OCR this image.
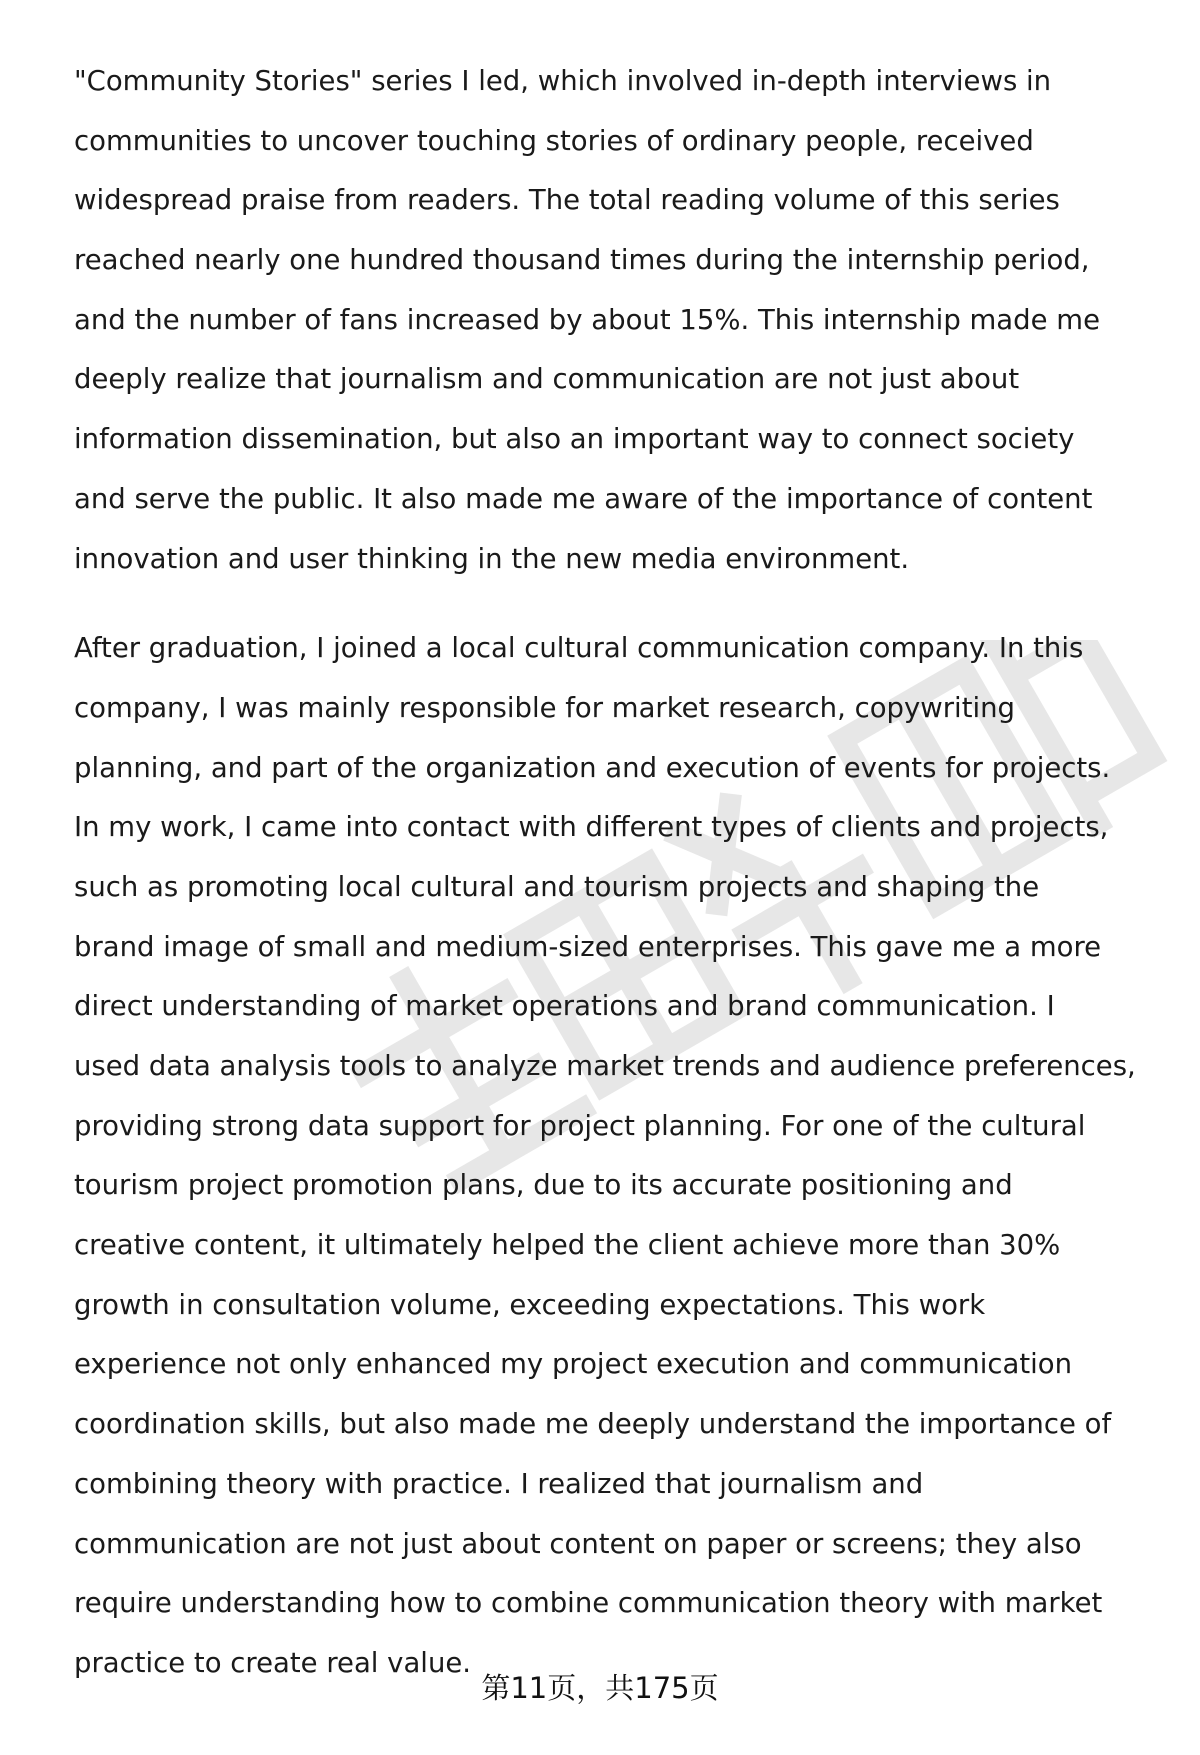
"Community Stories" series I led, which involved in-depth interviews in
communities to uncover touching stories of ordinary people, received
widespread praise from readers. The total reading volume of this series
reached nearly one hundred thousand times during the internship period,
and the number of fans increased by about 15%. This internship made me
deeply realize that journalism and communication are not just about
information dissemination, but also an important way to connect society
and serve the public. It also made me aware of the importance of content
innovation and user thinking in the new media environment.

After graduation, I joined a local cultural communication company. In this
company, I was mainly responsible for market research, copywriting
planning, and part of the organization and execution of events for projects.
In my work, I came into contact with different types of clients and projects,
such as promoting local cultural and tourism projects and shaping the
brand image of small and medium-sized enterprises. This gave me a more
direct understanding of market operations and brand communication. I
used data analysis tools to analyze market trends and audience preferences,
providing strong data support for project planning. For one of the cultural
tourism project promotion plans, due to its accurate positioning and
creative content, it ultimately helped the client achieve more than 30%
growth in consultation volume, exceeding expectations. This work
experience not only enhanced my project execution and communication
coordination skills, but also made me deeply understand the importance of
combining theory with practice. I realized that journalism and
communication are not just about content on paper or screens; they also
require understanding how to combine communication theory with market
practice to create real value.

第11页，共175页
